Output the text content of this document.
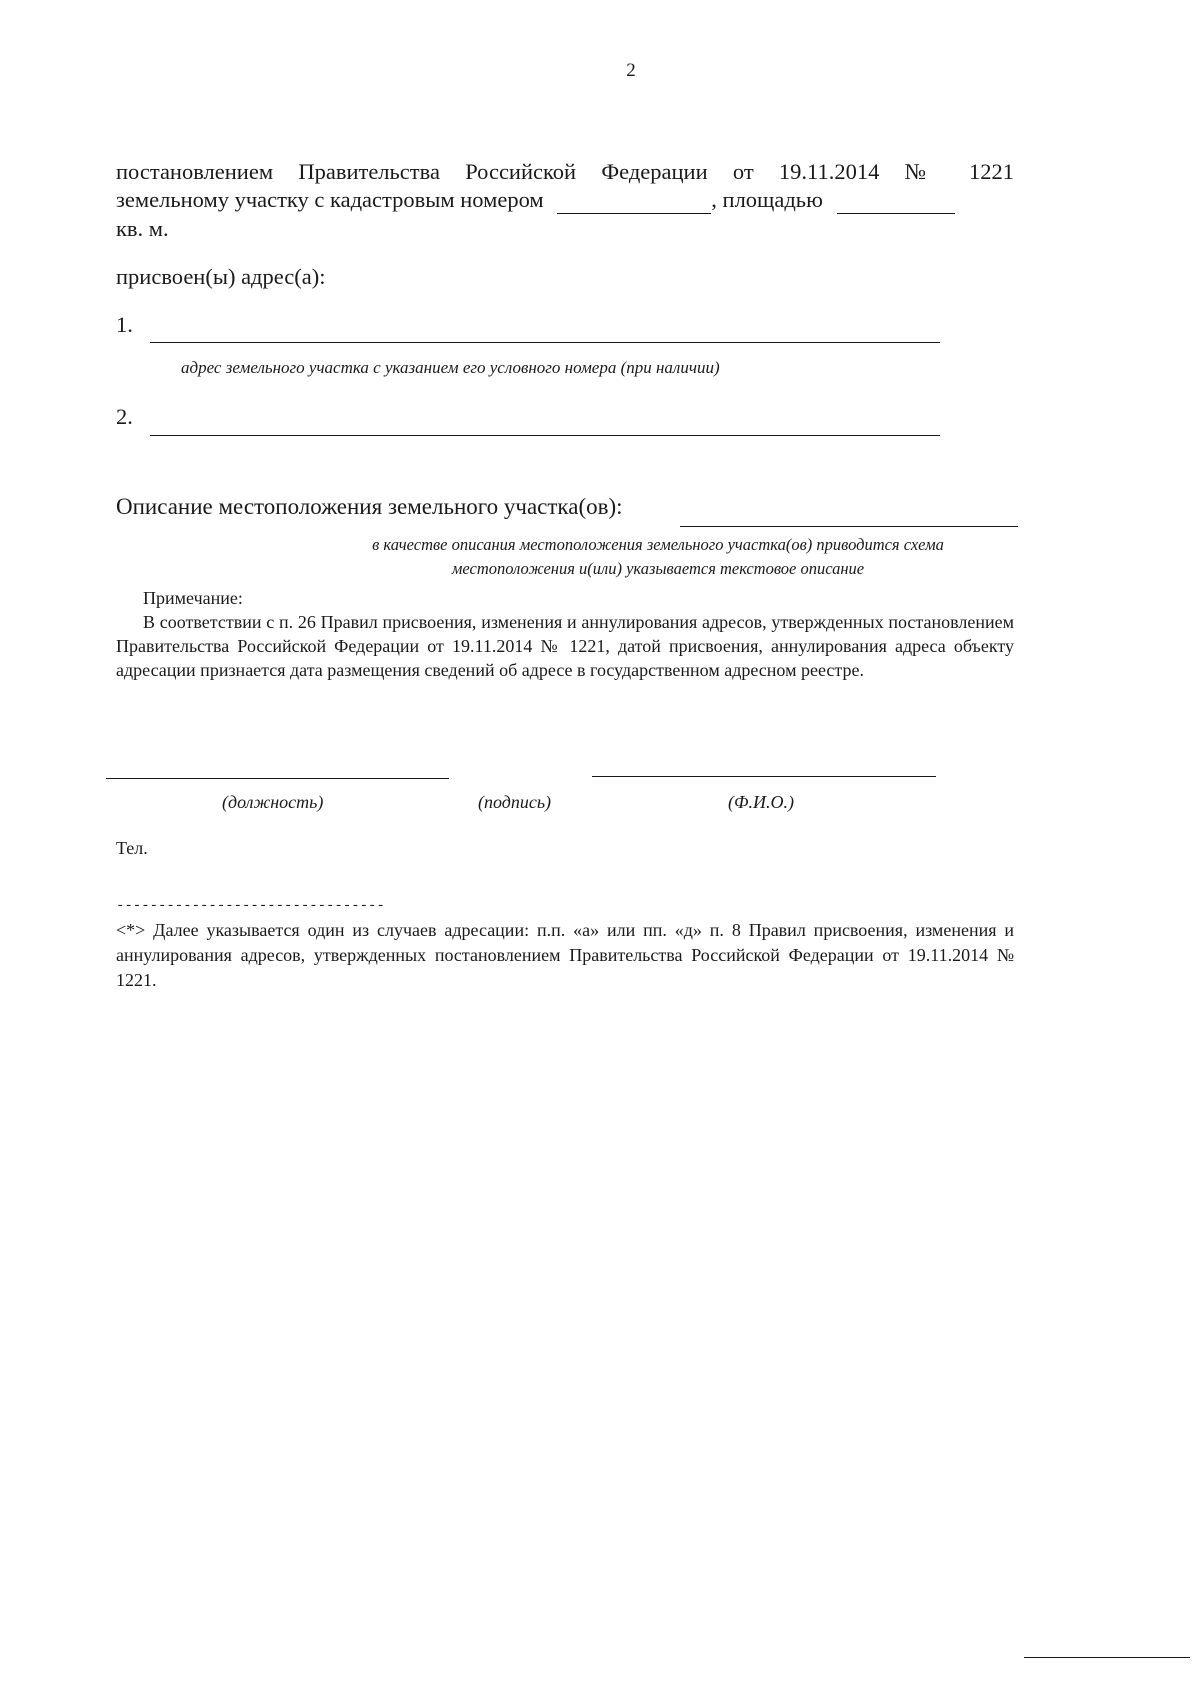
2
постановлением Правительства Российской Федерации от 19.11.2014 № 1221
земельному участку с кадастровым номером	, площадью
кв. м.
присвоен(ы) адрес(а):
1.
адрес земельного участка с указанием его условного номера (при наличии)
2.
Описание местоположения земельного участка(ов):
в качестве описания местоположения земельного участка(ов) приводится схема
местоположения и(или) указывается текстовое описание
Примечание:
В соответствии с п. 26 Правил присвоения, изменения и аннулирования адресов, утвержденных постановлением Правительства Российской Федерации от 19.11.2014 № 1221, датой присвоения, аннулирования адреса объекту адресации признается дата размещения сведений об адресе в государственном адресном реестре.
(должность)	(подпись)	(Ф.И.О.)
Тел.
--------------------------------
<*> Далее указывается один из случаев адресации: п.п. «а» или пп. «д» п. 8 Правил присвоения, изменения и аннулирования адресов, утвержденных постановлением Правительства Российской Федерации от 19.11.2014 № 1221.
